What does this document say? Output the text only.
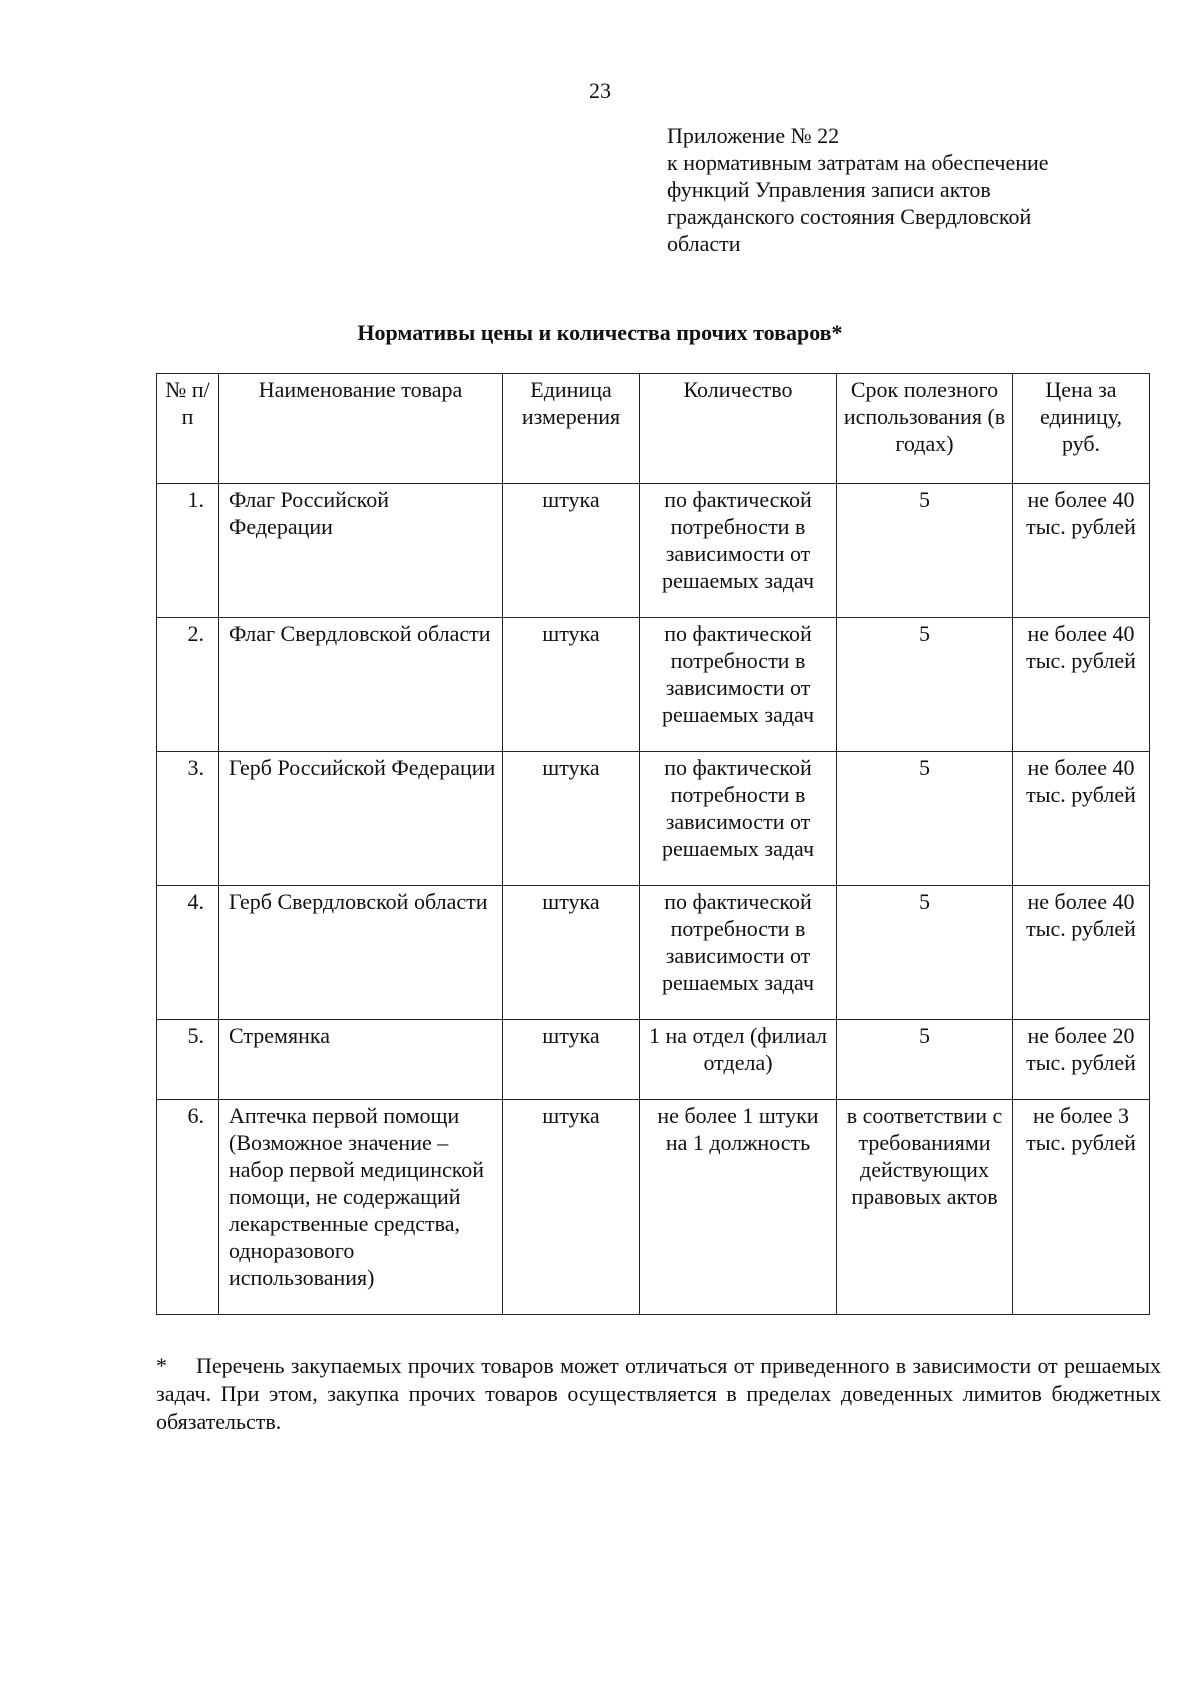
23
Приложение № 22
к нормативным затратам на обеспечение
функций Управления записи актов
гражданского состояния Свердловской
области
Нормативы цены и количества прочих товаров*
№ п/п	Наименование товара	Единица измерения	Количество	Срок полезного использования (в годах)	Цена за единицу, руб.
1.	Флаг Российской Федерации	штука	по фактической потребности в зависимости от решаемых задач	5	не более 40 тыс. рублей
2.	Флаг Свердловской области	штука	по фактической потребности в зависимости от решаемых задач	5	не более 40 тыс. рублей
3.	Герб Российской Федерации	штука	по фактической потребности в зависимости от решаемых задач	5	не более 40 тыс. рублей
4.	Герб Свердловской области	штука	по фактической потребности в зависимости от решаемых задач	5	не более 40 тыс. рублей
5.	Стремянка	штука	1 на отдел (филиал отдела)	5	не более 20 тыс. рублей
6.	Аптечка первой помощи (Возможное значение – набор первой медицинской помощи, не содержащий лекарственные средства, одноразового использования)	штука	не более 1 штуки на 1 должность	в соответствии с требованиями действующих правовых актов	не более 3 тыс. рублей
* Перечень закупаемых прочих товаров может отличаться от приведенного в зависимости от решаемых задач. При этом, закупка прочих товаров осуществляется в пределах доведенных лимитов бюджетных обязательств.
